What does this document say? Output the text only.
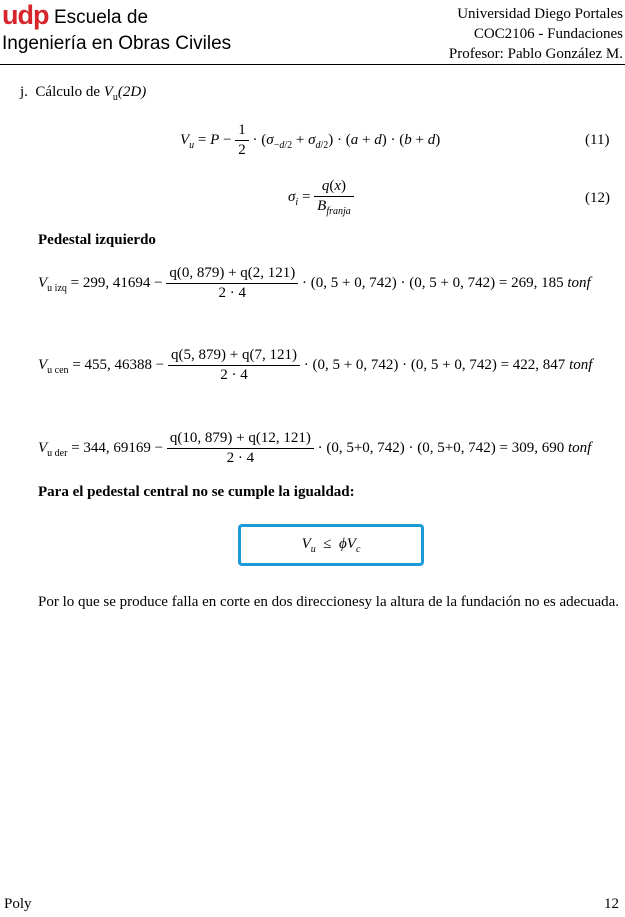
udp Escuela de
Ingeniería en Obras Civiles
Universidad Diego Portales
COC2106 - Fundaciones
Profesor: Pablo González M.
j. Cálculo de $V_u(2D)$
$V_u = P - \frac{1}{2} \cdot (\sigma_{-d/2} + \sigma_{d/2}) \cdot (a + d) \cdot (b + d)$	(11)
$\sigma_i = \frac{q(x)}{B_{franja}}$	(12)
Pedestal izquierdo
$V_{u izq} = 299$, $41694 - \frac{q(0, 879) + q(2, 121)}{2 \cdot 4} \cdot (0$, 5 + 0, 742) · (0, 5 + 0, 742) = 269, 185 tonf
$V_{u cen} = 455$, $46388 - \frac{q(5, 879) + q(7, 121)}{2 \cdot 4} \cdot (0$, 5 + 0, 742) · (0, 5 + 0, 742) = 422, 847 tonf
$V_{u der} = 344$, $69169 - \frac{q(10, 879) + q(12, 121)}{2 \cdot 4} \cdot (0$, 5+0, 742) · (0, 5+0, 742) = 309, 690 tonf
Para el pedestal central no se cumple la igualdad:
$V_u \le \phi V_c$
Por lo que se produce falla en corte en dos direccionesy la altura de la fundación no es adecuada.
Poly	12
